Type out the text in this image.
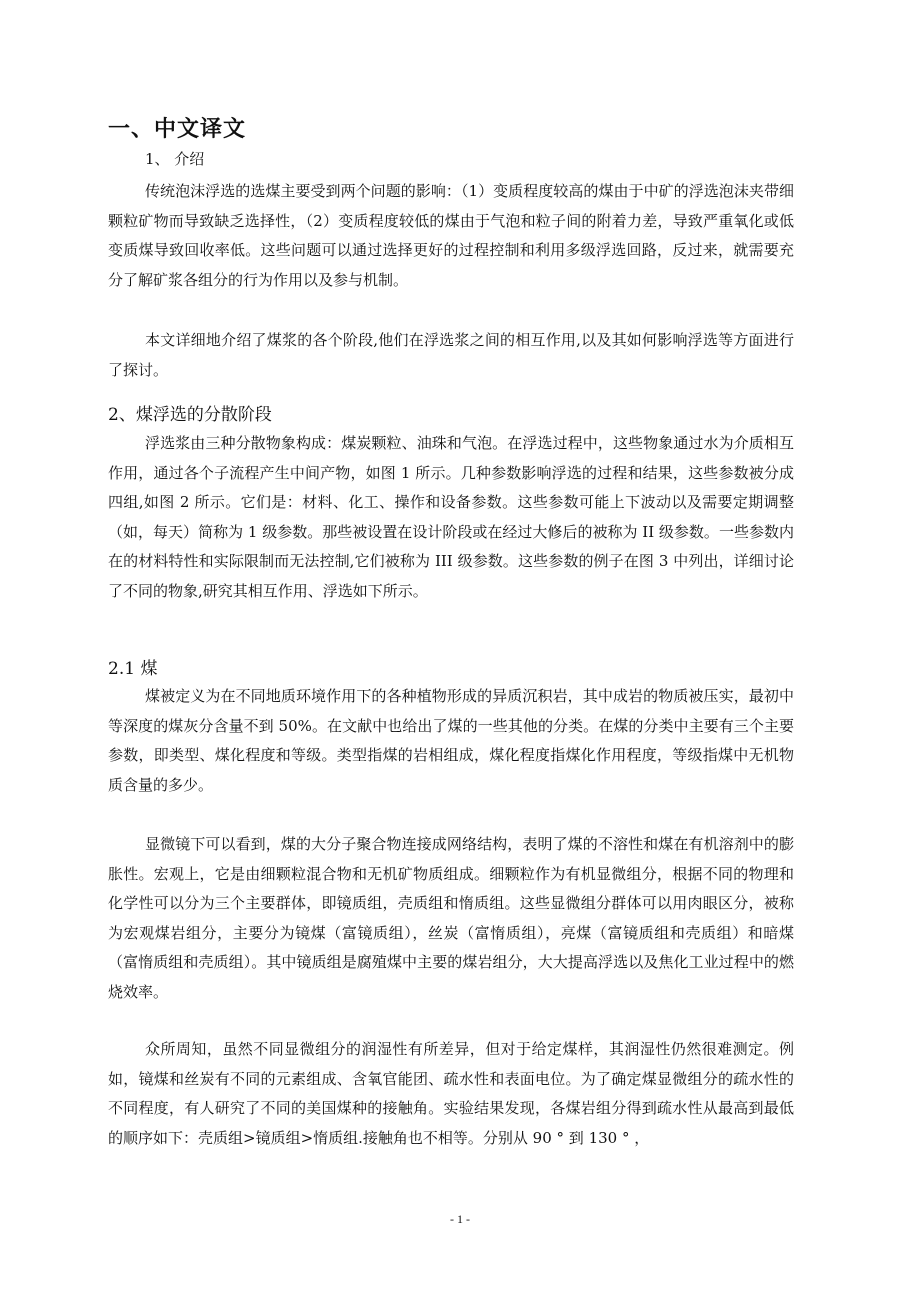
一、中文译文

1、 介绍

传统泡沫浮选的选煤主要受到两个问题的影响：（1）变质程度较高的煤由于中矿的浮选泡沫夹带细颗粒矿物而导致缺乏选择性，（2）变质程度较低的煤由于气泡和粒子间的附着力差，导致严重氧化或低变质煤导致回收率低。这些问题可以通过选择更好的过程控制和利用多级浮选回路，反过来，就需要充分了解矿浆各组分的行为作用以及参与机制。

本文详细地介绍了煤浆的各个阶段,他们在浮选浆之间的相互作用,以及其如何影响浮选等方面进行了探讨。

2、煤浮选的分散阶段

浮选浆由三种分散物象构成：煤炭颗粒、油珠和气泡。在浮选过程中，这些物象通过水为介质相互作用，通过各个子流程产生中间产物，如图 1 所示。几种参数影响浮选的过程和结果，这些参数被分成四组,如图 2 所示。它们是：材料、化工、操作和设备参数。这些参数可能上下波动以及需要定期调整（如，每天）简称为 1 级参数。那些被设置在设计阶段或在经过大修后的被称为 II 级参数。一些参数内在的材料特性和实际限制而无法控制,它们被称为 III 级参数。这些参数的例子在图 3 中列出，详细讨论了不同的物象,研究其相互作用、浮选如下所示。

2.1 煤

煤被定义为在不同地质环境作用下的各种植物形成的异质沉积岩，其中成岩的物质被压实，最初中等深度的煤灰分含量不到 50%。在文献中也给出了煤的一些其他的分类。在煤的分类中主要有三个主要参数，即类型、煤化程度和等级。类型指煤的岩相组成，煤化程度指煤化作用程度，等级指煤中无机物质含量的多少。

显微镜下可以看到，煤的大分子聚合物连接成网络结构，表明了煤的不溶性和煤在有机溶剂中的膨胀性。宏观上，它是由细颗粒混合物和无机矿物质组成。细颗粒作为有机显微组分，根据不同的物理和化学性可以分为三个主要群体，即镜质组，壳质组和惰质组。这些显微组分群体可以用肉眼区分，被称为宏观煤岩组分，主要分为镜煤（富镜质组），丝炭（富惰质组），亮煤（富镜质组和壳质组）和暗煤（富惰质组和壳质组）。其中镜质组是腐殖煤中主要的煤岩组分，大大提高浮选以及焦化工业过程中的燃烧效率。

众所周知，虽然不同显微组分的润湿性有所差异，但对于给定煤样，其润湿性仍然很难测定。例如，镜煤和丝炭有不同的元素组成、含氧官能团、疏水性和表面电位。为了确定煤显微组分的疏水性的不同程度，有人研究了不同的美国煤种的接触角。实验结果发现，各煤岩组分得到疏水性从最高到最低的顺序如下：壳质组>镜质组>惰质组.接触角也不相等。分别从 90 ° 到 130 ° ，

- 1 -
